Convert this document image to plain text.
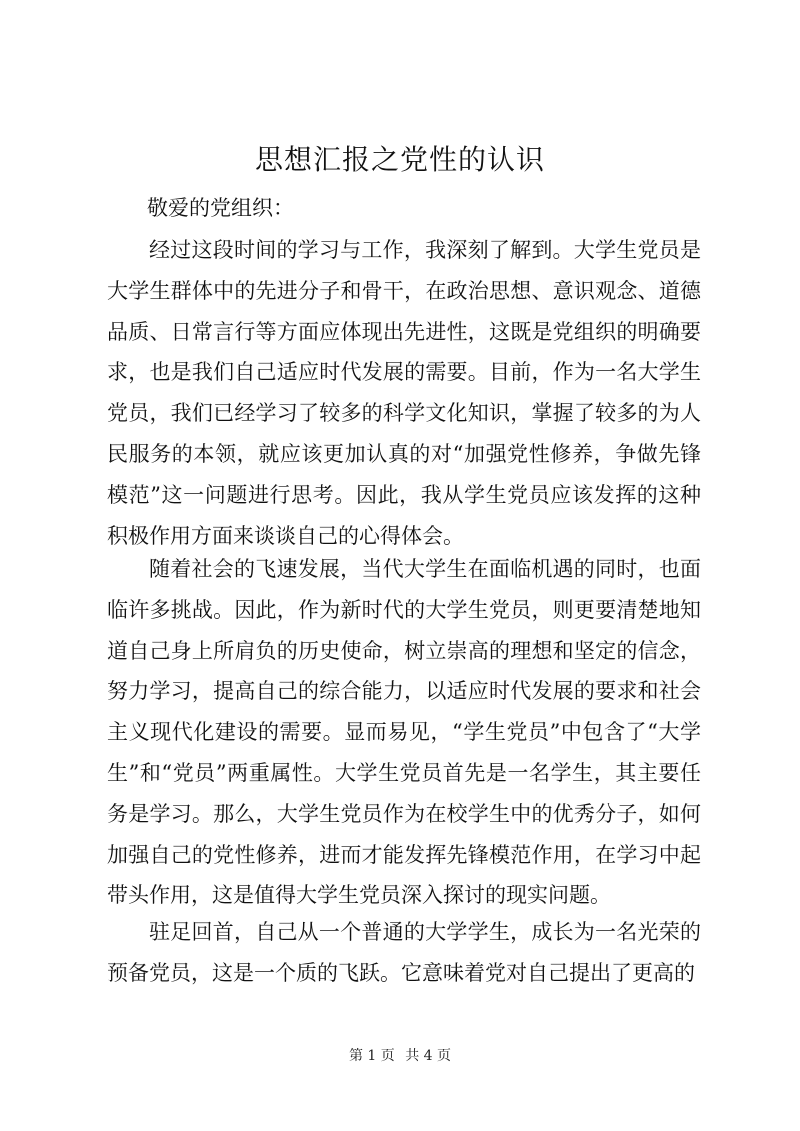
思想汇报之党性的认识

敬爱的党组织：

经过这段时间的学习与工作，我深刻了解到。大学生党员是大学生群体中的先进分子和骨干，在政治思想、意识观念、道德品质、日常言行等方面应体现出先进性，这既是党组织的明确要求，也是我们自己适应时代发展的需要。目前，作为一名大学生党员，我们已经学习了较多的科学文化知识，掌握了较多的为人民服务的本领，就应该更加认真的对“加强党性修养，争做先锋模范”这一问题进行思考。因此，我从学生党员应该发挥的这种积极作用方面来谈谈自己的心得体会。

随着社会的飞速发展，当代大学生在面临机遇的同时，也面临许多挑战。因此，作为新时代的大学生党员，则更要清楚地知道自己身上所肩负的历史使命，树立崇高的理想和坚定的信念，努力学习，提高自己的综合能力，以适应时代发展的要求和社会主义现代化建设的需要。显而易见，“学生党员”中包含了“大学生”和“党员”两重属性。大学生党员首先是一名学生，其主要任务是学习。那么，大学生党员作为在校学生中的优秀分子，如何加强自己的党性修养，进而才能发挥先锋模范作用，在学习中起带头作用，这是值得大学生党员深入探讨的现实问题。

驻足回首，自己从一个普通的大学学生，成长为一名光荣的预备党员，这是一个质的飞跃。它意味着党对自己提出了更高的

第 1 页 共 4 页
